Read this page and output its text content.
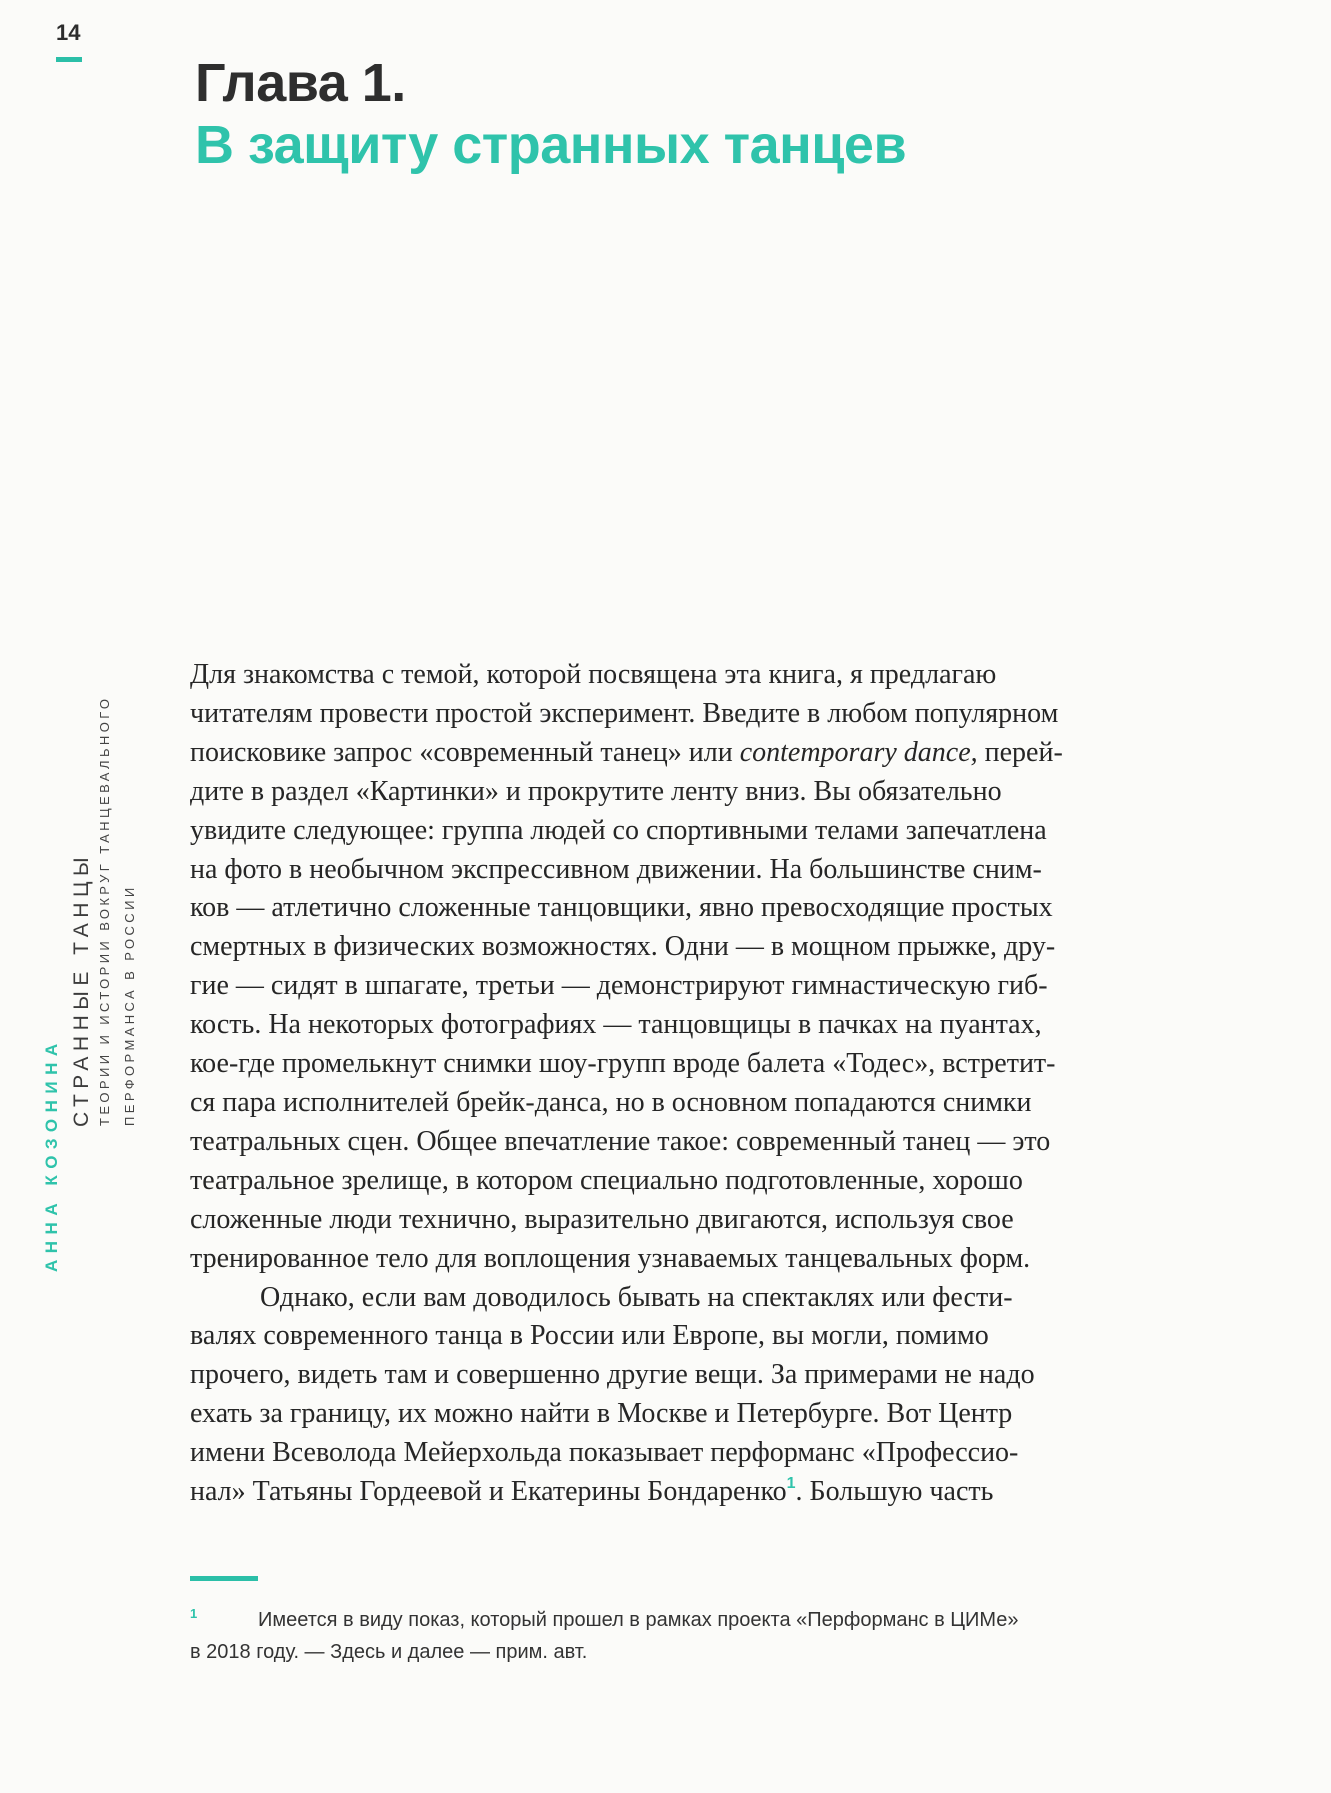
14
Глава 1.
В защиту странных танцев
АННА КОЗОНИНА
СТРАННЫЕ ТАНЦЫ ТЕОРИИ И ИСТОРИИ ВОКРУГ ТАНЦЕВАЛЬНОГО ПЕРФОРМАНСА В РОССИИ
Для знакомства с темой, которой посвящена эта книга, я предлагаю
читателям провести простой эксперимент. Введите в любом популярном
поисковике запрос «современный танец» или contemporary dance, перей-
дите в раздел «Картинки» и прокрутите ленту вниз. Вы обязательно
увидите следующее: группа людей со спортивными телами запечатлена
на фото в необычном экспрессивном движении. На большинстве сним-
ков — атлетично сложенные танцовщики, явно превосходящие простых
смертных в физических возможностях. Одни — в мощном прыжке, дру-
гие — сидят в шпагате, третьи — демонстрируют гимнастическую гиб-
кость. На некоторых фотографиях — танцовщицы в пачках на пуантах,
кое-где промелькнут снимки шоу-групп вроде балета «Тодес», встретит-
ся пара исполнителей брейк-данса, но в основном попадаются снимки
театральных сцен. Общее впечатление такое: современный танец — это
театральное зрелище, в котором специально подготовленные, хорошо
сложенные люди технично, выразительно двигаются, используя свое
тренированное тело для воплощения узнаваемых танцевальных форм.
Однако, если вам доводилось бывать на спектаклях или фести-
валях современного танца в России или Европе, вы могли, помимо
прочего, видеть там и совершенно другие вещи. За примерами не надо
ехать за границу, их можно найти в Москве и Петербурге. Вот Центр
имени Всеволода Мейерхольда показывает перформанс «Профессио-
нал» Татьяны Гордеевой и Екатерины Бондаренко$^1$. Большую часть
1	Имеется в виду показ, который прошел в рамках проекта «Перформанс в ЦИМе»
в 2018 году. — Здесь и далее — прим. авт.
